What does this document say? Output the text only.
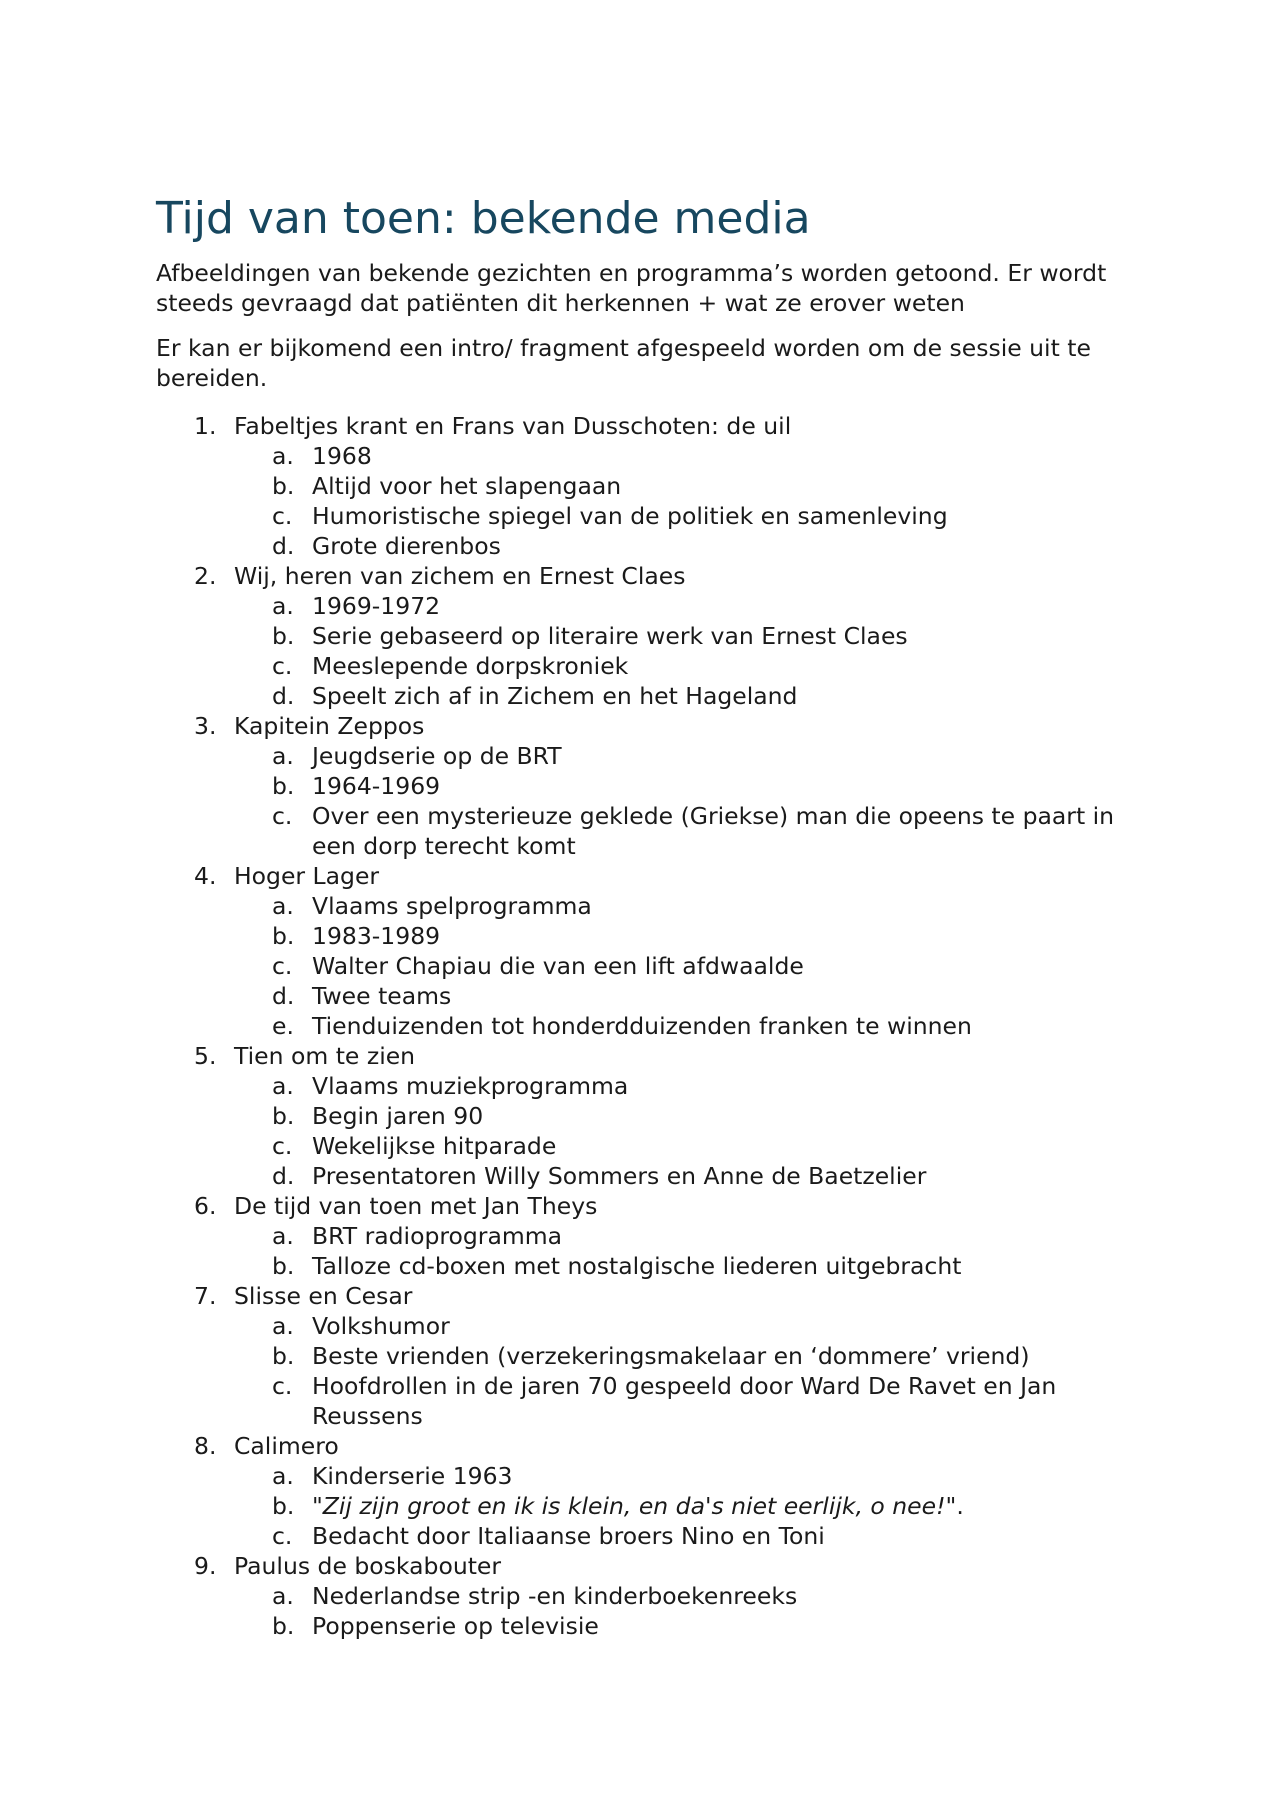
Tijd van toen: bekende media

Afbeeldingen van bekende gezichten en programma’s worden getoond. Er wordt steeds gevraagd dat patiënten dit herkennen + wat ze erover weten

Er kan er bijkomend een intro/ fragment afgespeeld worden om de sessie uit te bereiden.

1. Fabeltjes krant en Frans van Dusschoten: de uil
a. 1968
b. Altijd voor het slapengaan
c. Humoristische spiegel van de politiek en samenleving
d. Grote dierenbos
2. Wij, heren van zichem en Ernest Claes
a. 1969-1972
b. Serie gebaseerd op literaire werk van Ernest Claes
c. Meeslepende dorpskroniek
d. Speelt zich af in Zichem en het Hageland
3. Kapitein Zeppos
a. Jeugdserie op de BRT
b. 1964-1969
c. Over een mysterieuze gekledе (Griekse) man die opeens te paart in een dorp terecht komt
4. Hoger Lager
a. Vlaams spelprogramma
b. 1983-1989
c. Walter Chapiau die van een lift afdwaalde
d. Twee teams
e. Tienduizenden tot honderdduizenden franken te winnen
5. Tien om te zien
a. Vlaams muziekprogramma
b. Begin jaren 90
c. Wekelijkse hitparade
d. Presentatoren Willy Sommers en Anne de Baetzelier
6. De tijd van toen met Jan Theys
a. BRT radioprogramma
b. Talloze cd-boxen met nostalgische liederen uitgebracht
7. Slisse en Cesar
a. Volkshumor
b. Beste vrienden (verzekeringsmakelaar en ‘dommere’ vriend)
c. Hoofdrollen in de jaren 70 gespeeld door Ward De Ravet en Jan Reussens
8. Calimero
a. Kinderserie 1963
b. "Zij zijn groot en ik is klein, en da's niet eerlijk, o nee!".
c. Bedacht door Italiaanse broers Nino en Toni
9. Paulus de boskabouter
a. Nederlandse strip -en kinderboekenreeks
b. Poppenserie op televisie
